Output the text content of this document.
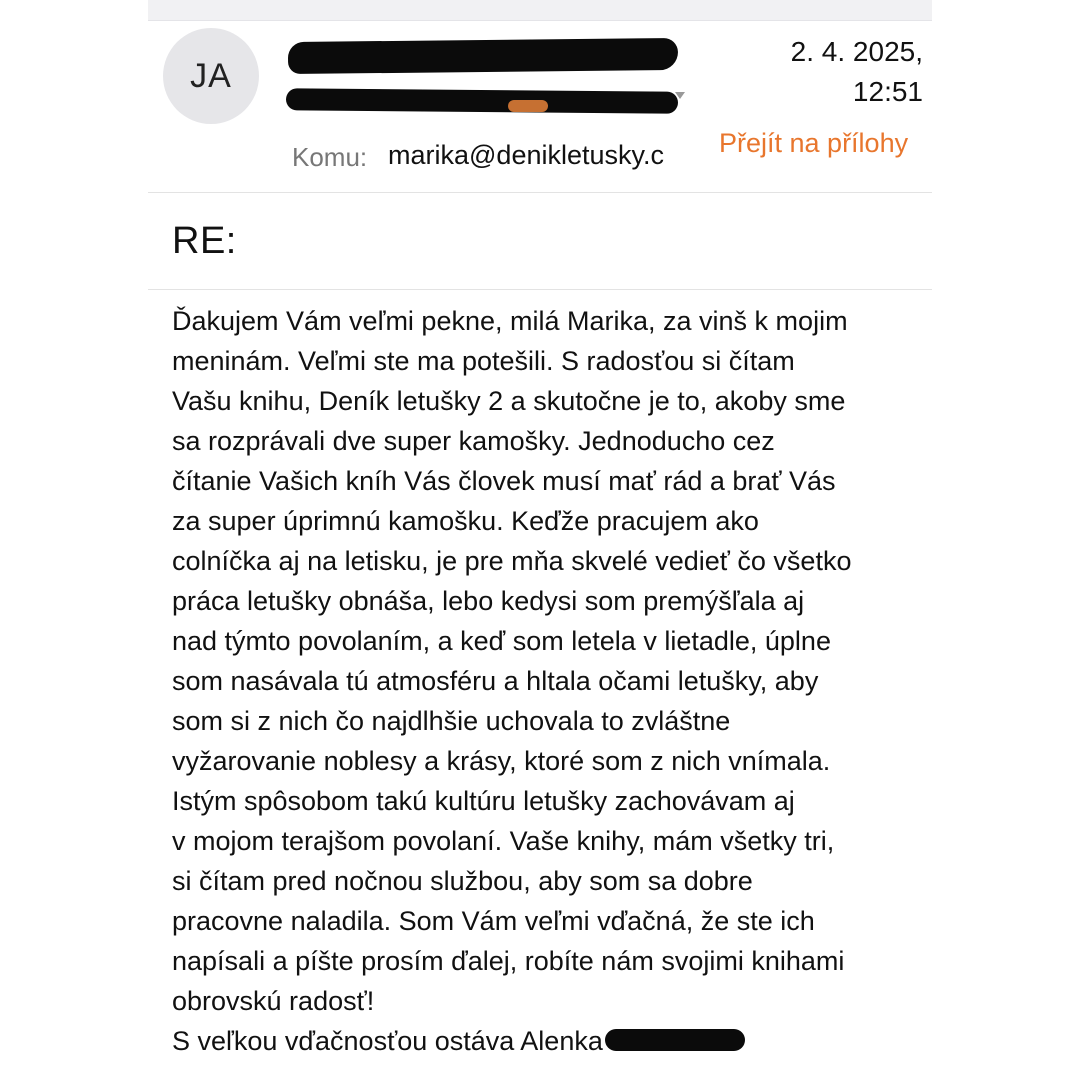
JA
2. 4. 2025,
12:51
Komu: marika@denikletusky.c	Přejít na přílohy
RE:
Ďakujem Vám veľmi pekne, milá Marika, za vinš k mojim
meninám. Veľmi ste ma potešili. S radosťou si čítam
Vašu knihu, Deník letušky 2 a skutočne je to, akoby sme
sa rozprávali dve super kamošky. Jednoducho cez
čítanie Vašich kníh Vás človek musí mať rád a brať Vás
za super úprimnú kamošku. Keďže pracujem ako
colníčka aj na letisku, je pre mňa skvelé vedieť čo všetko
práca letušky obnáša, lebo kedysi som premýšľala aj
nad týmto povolaním, a keď som letela v lietadle, úplne
som nasávala tú atmosféru a hltala očami letušky, aby
som si z nich čo najdlhšie uchovala to zvláštne
vyžarovanie noblesy a krásy, ktoré som z nich vnímala.
Istým spôsobom takú kultúru letušky zachovávam aj
v mojom terajšom povolaní. Vaše knihy, mám všetky tri,
si čítam pred nočnou službou, aby som sa dobre
pracovne naladila. Som Vám veľmi vďačná, že ste ich
napísali a píšte prosím ďalej, robíte nám svojimi knihami
obrovskú radosť!
S veľkou vďačnosťou ostáva Alenka
